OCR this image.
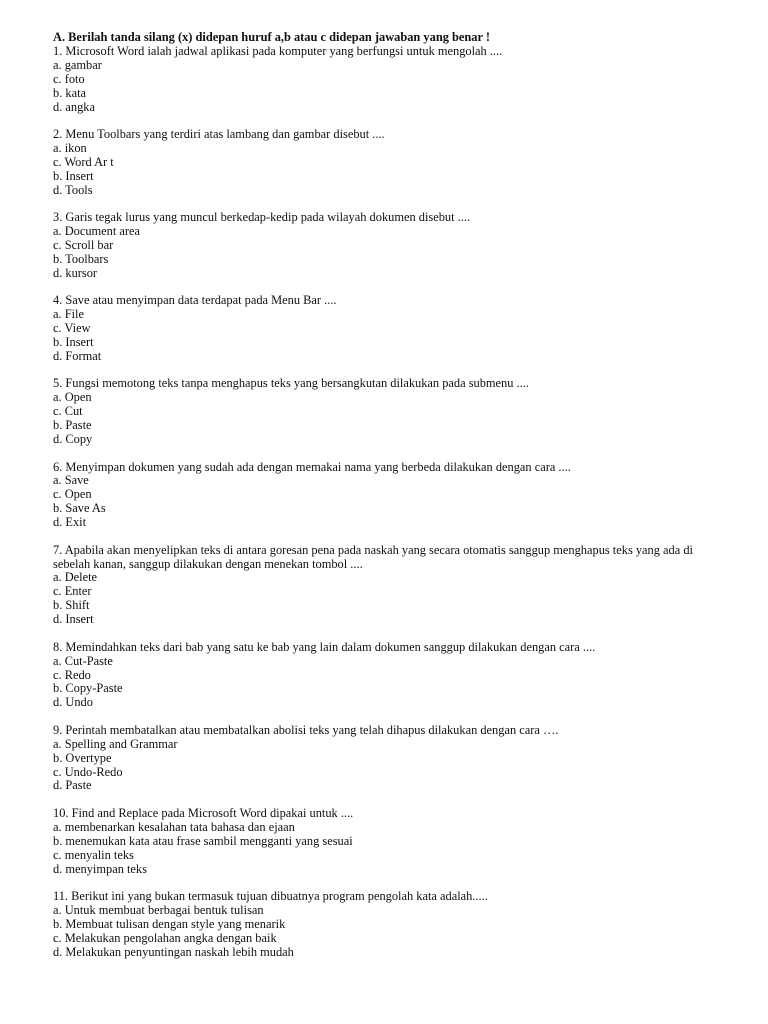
A. Berilah tanda silang (x) didepan huruf a,b atau c didepan jawaban yang benar !
1. Microsoft Word ialah jadwal aplikasi pada komputer yang berfungsi untuk mengolah ....
a. gambar
c. foto
b. kata
d. angka
2. Menu Toolbars yang terdiri atas lambang dan gambar disebut ....
a. ikon
c. Word Ar t
b. Insert
d. Tools
3. Garis tegak lurus yang muncul berkedap-kedip pada wilayah dokumen disebut ....
a. Document area
c. Scroll bar
b. Toolbars
d. kursor
4. Save atau menyimpan data terdapat pada Menu Bar ....
a. File
c. View
b. Insert
d. Format
5. Fungsi memotong teks tanpa menghapus teks yang bersangkutan dilakukan pada submenu ....
a. Open
c. Cut
b. Paste
d. Copy
6. Menyimpan dokumen yang sudah ada dengan memakai nama yang berbeda dilakukan dengan cara ....
a. Save
c. Open
b. Save As
d. Exit
7. Apabila akan menyelipkan teks di antara goresan pena pada naskah yang secara otomatis sanggup menghapus teks yang ada di sebelah kanan, sanggup dilakukan dengan menekan tombol ....
a. Delete
c. Enter
b. Shift
d. Insert
8. Memindahkan teks dari bab yang satu ke bab yang lain dalam dokumen sanggup dilakukan dengan cara ....
a. Cut-Paste
c. Redo
b. Copy-Paste
d. Undo
9. Perintah membatalkan atau membatalkan abolisi teks yang telah dihapus dilakukan dengan cara ….
a. Spelling and Grammar
b. Overtype
c. Undo-Redo
d. Paste
10. Find and Replace pada Microsoft Word dipakai untuk ....
a. membenarkan kesalahan tata bahasa dan ejaan
b. menemukan kata atau frase sambil mengganti yang sesuai
c. menyalin teks
d. menyimpan teks
11. Berikut ini yang bukan termasuk tujuan dibuatnya program pengolah kata adalah.....
a. Untuk membuat berbagai bentuk tulisan
b. Membuat tulisan dengan style yang menarik
c. Melakukan pengolahan angka dengan baik
d. Melakukan penyuntingan naskah lebih mudah
